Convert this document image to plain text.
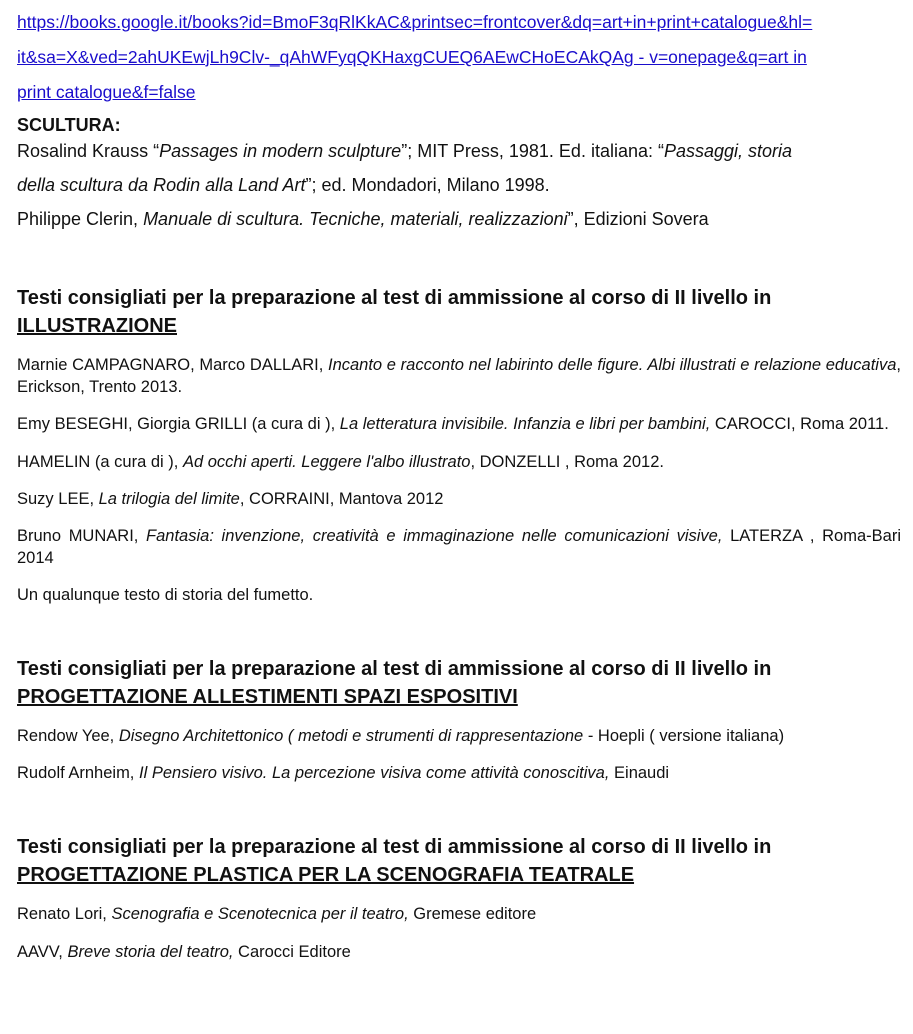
https://books.google.it/books?id=BmoF3qRlKkAC&printsec=frontcover&dq=art+in+print+catalogue&hl=
it&sa=X&ved=2ahUKEwjLh9Clv-_qAhWFyqQKHaxgCUEQ6AEwCHoECAkQAg - v=onepage&q=art in
print catalogue&f=false
SCULTURA:

Rosalind Krauss “Passages in modern sculpture”; MIT Press, 1981. Ed. italiana: “Passaggi, storia
della scultura da Rodin alla Land Art”; ed. Mondadori, Milano 1998.

Philippe Clerin, Manuale di scultura. Tecniche, materiali, realizzazioni”, Edizioni Sovera

Testi consigliati per la preparazione al test di ammissione al corso di II livello in
ILLUSTRAZIONE

Marnie CAMPAGNARO, Marco DALLARI, Incanto e racconto nel labirinto delle figure. Albi illustrati e relazione educativa, Erickson, Trento 2013.

Emy BESEGHI, Giorgia GRILLI (a cura di ), La letteratura invisibile. Infanzia e libri per bambini, CAROCCI, Roma 2011.

HAMELIN (a cura di ), Ad occhi aperti. Leggere l'albo illustrato, DONZELLI , Roma 2012.

Suzy LEE, La trilogia del limite, CORRAINI, Mantova 2012

Bruno MUNARI, Fantasia: invenzione, creatività e immaginazione nelle comunicazioni visive, LATERZA , Roma-Bari 2014

Un qualunque testo di storia del fumetto.

Testi consigliati per la preparazione al test di ammissione al corso di II livello in
PROGETTAZIONE ALLESTIMENTI SPAZI ESPOSITIVI

Rendow Yee, Disegno Architettonico ( metodi e strumenti di rappresentazione - Hoepli ( versione italiana)

Rudolf Arnheim, Il Pensiero visivo. La percezione visiva come attività conoscitiva, Einaudi

Testi consigliati per la preparazione al test di ammissione al corso di II livello in
PROGETTAZIONE PLASTICA PER LA SCENOGRAFIA TEATRALE

Renato Lori, Scenografia e Scenotecnica per il teatro, Gremese editore

AAVV, Breve storia del teatro, Carocci Editore
